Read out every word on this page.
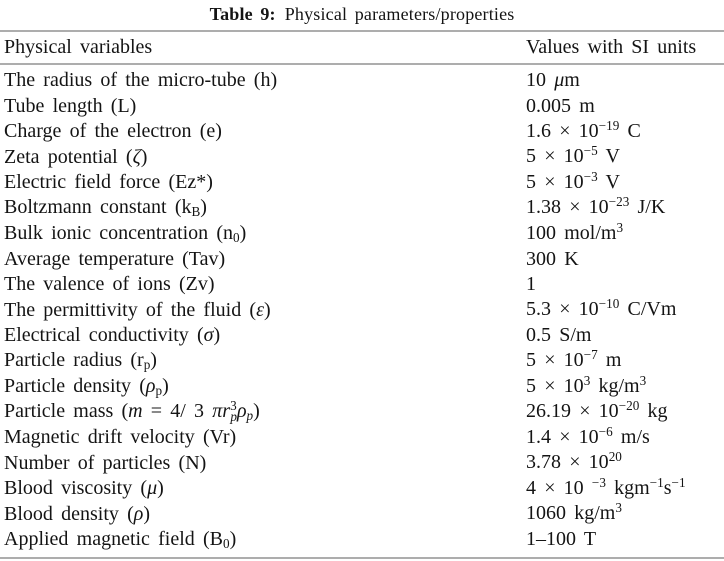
Table 9: Physical parameters/properties
Physical variables	Values with SI units
The radius of the micro-tube (h)	10 μm
Tube length (L)	0.005 m
Charge of the electron (e)	$1.6 \times 10^{-19}$ C
Zeta potential (ζ)	$5 \times 10^{-5}$ V
Electric field force (Ez*)	$5 \times 10^{-3}$ V
Boltzmann constant (kB)	$1.38 \times 10^{-23}$ J/K
Bulk ionic concentration (n0)	100 mol/$m^3$
Average temperature (Tav)	300 K
The valence of ions (Zv)	1
The permittivity of the fluid (ε)	$5.3 \times 10^{-10}$ C/Vm
Electrical conductivity (σ)	0.5 S/m
Particle radius (rp)	$5 \times 10^{-7}$ m
Particle density (ρp)	$5 \times 10^3$ $kg/m^3$
Particle mass (m = 4/ 3 $\pi r^3p\rho p$)	$26.19 \times 10^{-20}$ kg
Magnetic drift velocity (Vr)	$1.4 \times 10^{-6}$ m/s
Number of particles (N)	$3.78 \times 10^{20}$
Blood viscosity (μ)	4 × 10 $^{-3}$ $kgm^{-1}s^{-1}$
Blood density (ρ)	1060 $kg/m^3$
Applied magnetic field (B0)	1–100 T
